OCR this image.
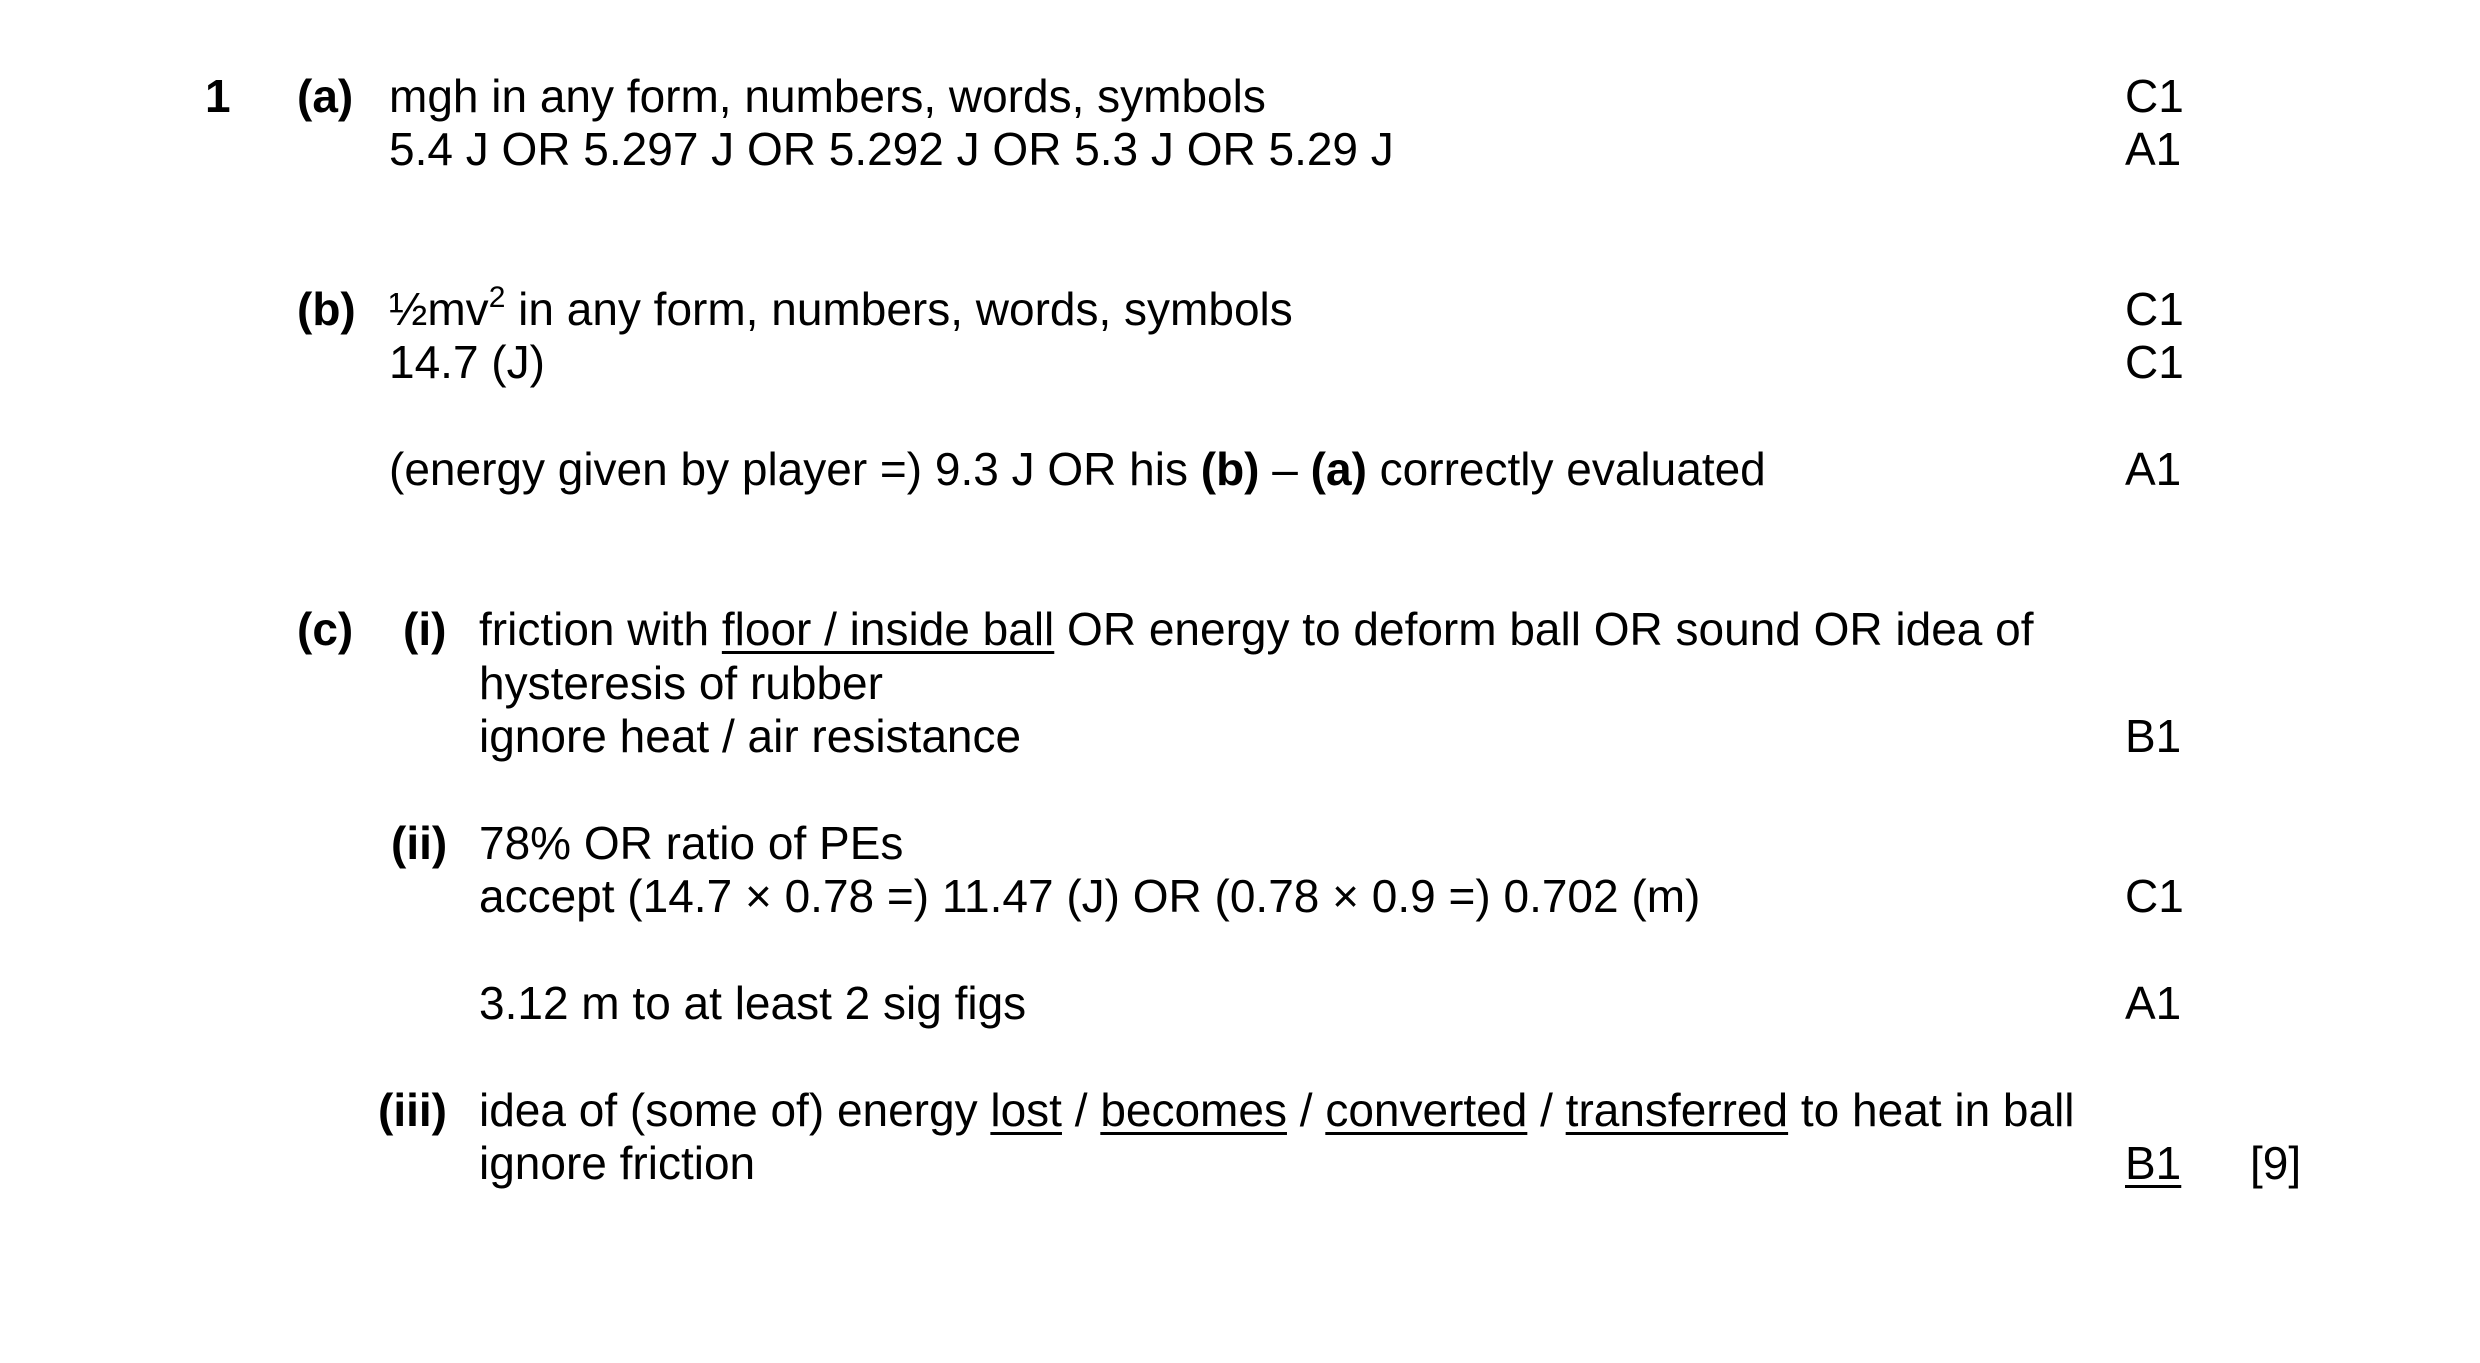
1 (a) mgh in any form, numbers, words, symbols	C1
5.4 J OR 5.297 J OR 5.292 J OR 5.3 J OR 5.29 J	A1
(b) $\frac{1}{2}mv^2$ in any form, numbers, words, symbols	C1
14.7 (J)	C1
(energy given by player =) 9.3 J OR his (b) – (a) correctly evaluated	A1
(c) (i) friction with floor / inside ball OR energy to deform ball OR sound OR idea of
hysteresis of rubber
ignore heat / air resistance	B1
(ii) 78% OR ratio of PEs
accept (14.7 × 0.78 =) 11.47 (J) OR (0.78 × 0.9 =) 0.702 (m)	C1
3.12 m to at least 2 sig figs	A1
(iii) idea of (some of) energy lost / becomes / converted / transferred to heat in ball
ignore friction	B1 [9]
